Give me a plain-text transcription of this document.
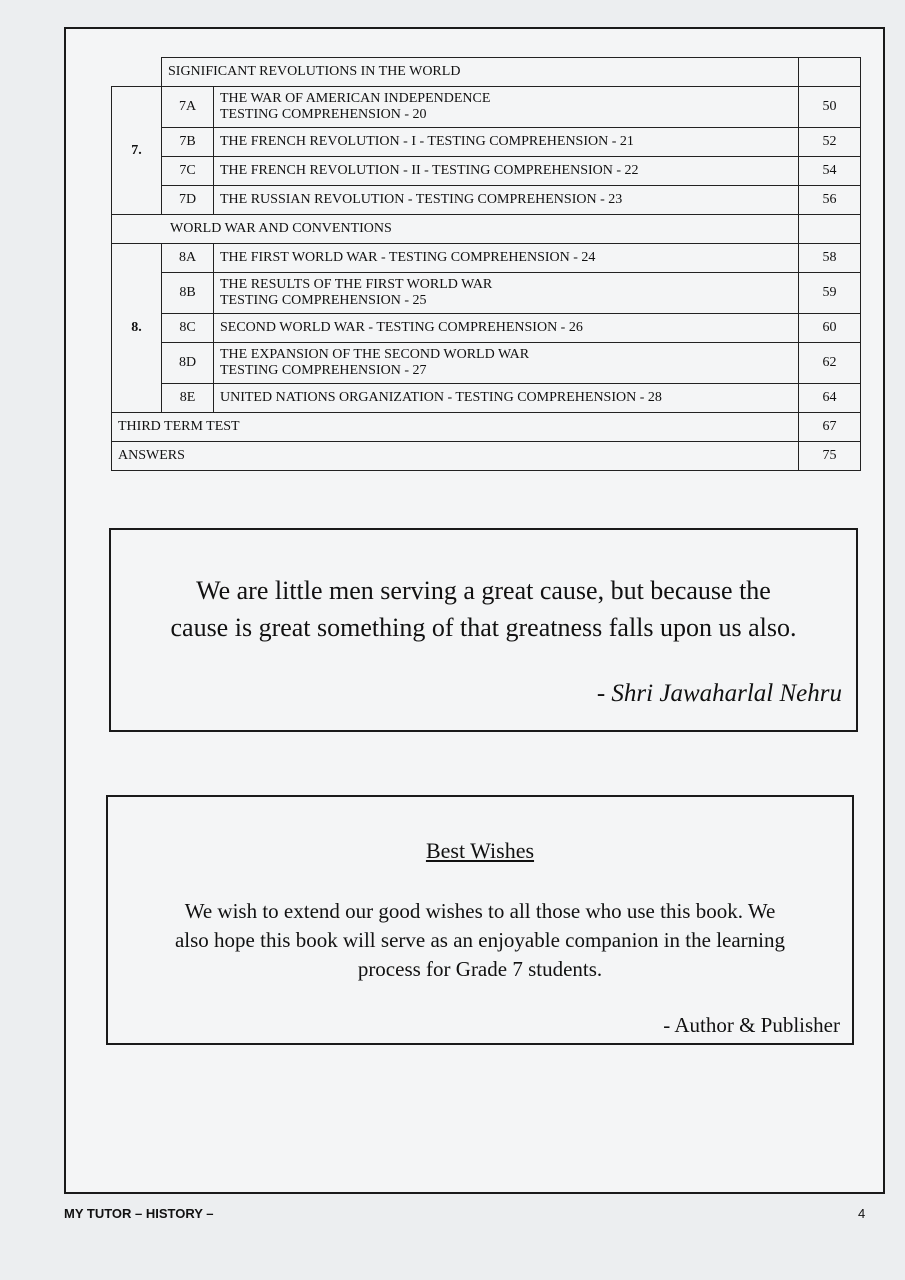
	SIGNIFICANT REVOLUTIONS IN THE WORLD		
7.	7A	THE WAR OF AMERICAN INDEPENDENCE
TESTING COMPREHENSION - 20	50
	7B	THE FRENCH REVOLUTION - I - TESTING COMPREHENSION - 21	52
	7C	THE FRENCH REVOLUTION - II - TESTING COMPREHENSION - 22	54
	7D	THE RUSSIAN REVOLUTION - TESTING COMPREHENSION - 23	56
WORLD WAR AND CONVENTIONS			
8.	8A	THE FIRST WORLD WAR - TESTING COMPREHENSION - 24	58
	8B	THE RESULTS OF THE FIRST WORLD WAR
TESTING COMPREHENSION - 25	59
	8C	SECOND WORLD WAR - TESTING COMPREHENSION - 26	60
	8D	THE EXPANSION OF THE SECOND WORLD WAR
TESTING COMPREHENSION - 27	62
	8E	UNITED NATIONS ORGANIZATION - TESTING COMPREHENSION - 28	64
THIRD TERM TEST			67
ANSWERS			75
We are little men serving a great cause, but because the
cause is great something of that greatness falls upon us also.
- Shri Jawaharlal Nehru
Best Wishes
We wish to extend our good wishes to all those who use this book. We
also hope this book will serve as an enjoyable companion in the learning
process for Grade 7 students.
- Author & Publisher
MY TUTOR – HISTORY –	4
